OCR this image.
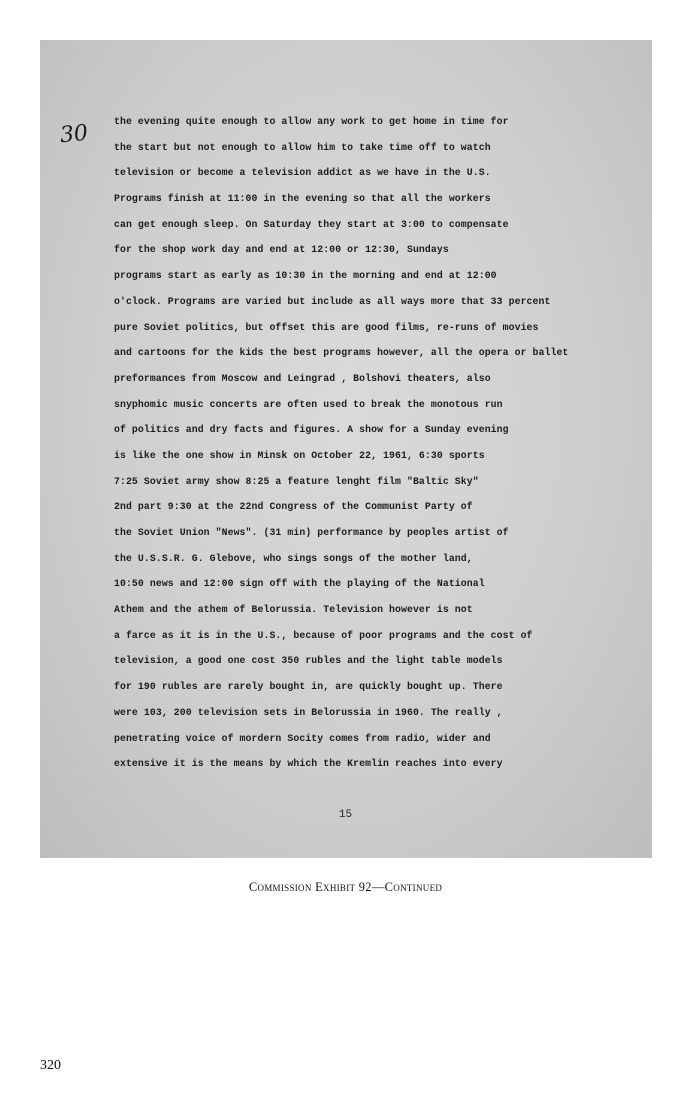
30	the evening quite enough to allow any work to get home in time for
the start but not enough to allow him to take time off to watch
television or become a television addict as we have in the U.S.
Programs finish at 11:00 in the evening so that all the workers
can get enough sleep. On Saturday they start at 3:00 to compensate
for the shop work day and end at 12:00 or 12:30, Sundays
programs start as early as 10:30 in the morning and end at 12:00
o'clock. Programs are varied but include as all ways more that 33 percent
pure Soviet politics, but offset this are good films, re-runs of movies
and cartoons for the kids the best programs however, all the opera or ballet
preformances from Moscow and Leingrad , Bolshovi theaters, also
snyphomic music concerts are often used to break the monotous run
of politics and dry facts and figures. A show for a Sunday evening
is like the one show in Minsk on October 22, 1961, 6:30 sports
7:25 Soviet army show 8:25 a feature lenght film "Baltic Sky"
2nd part 9:30 at the 22nd Congress of the Communist Party of
the Soviet Union "News". (31 min) performance by peoples artist of
the U.S.S.R. G. Glebove, who sings songs of the mother land,
10:50 news and 12:00 sign off with the playing of the National
Athem and the athem of Belorussia. Television however is not
a farce as it is in the U.S., because of poor programs and the cost of
television, a good one cost 350 rubles and the light table models
for 190 rubles are rarely bought in, are quickly bought up. There
were 103, 200 television sets in Belorussia in 1960. The really ,
penetrating voice of mordern Socity comes from radio, wider and
extensive it is the means by which the Kremlin reaches into every
15
Commission Exhibit 92—Continued
320
